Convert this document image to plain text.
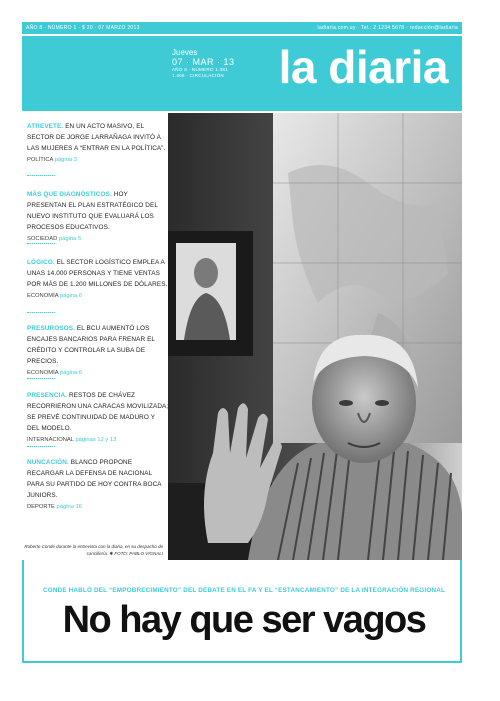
AÑO 8 · NÚMERO 1 · $ 20 · 07 MARZO 2013	ladiaria.com.uy · Tel.: 2 1234 5678 · redacción@ladiaria
Jueves
07 · MAR · 13
AÑO 8 · NÚMERO 1.381
1.406 · CIRCULACIÓN la diaria
ATREVETE. EN UN ACTO MASIVO, EL SECTOR DE JORGE LARRAÑAGA INVITÓ A LAS MUJERES A “ENTRAR EN LA POLÍTICA”.
POLÍTICA página 3
MÁS QUE DIAGNÓSTICOS. HOY PRESENTAN EL PLAN ESTRATÉGICO DEL NUEVO INSTITUTO QUE EVALUARÁ LOS PROCESOS EDUCATIVOS.
SOCIEDAD página 5
LÓGICO. EL SECTOR LOGÍSTICO EMPLEA A UNAS 14.000 PERSONAS Y TIENE VENTAS POR MÁS DE 1.200 MILLONES DE DÓLARES.
ECONOMÍA página 6
PRESUROSOS. EL BCU AUMENTÓ LOS ENCAJES BANCARIOS PARA FRENAR EL CRÉDITO Y CONTROLAR LA SUBA DE PRECIOS.
ECONOMÍA página 6
PRESENCIA. RESTOS DE CHÁVEZ RECORRIERON UNA CARACAS MOVILIZADA; SE PREVÉ CONTINUIDAD DE MADURO Y DEL MODELO.
INTERNACIONAL páginas 12 y 13
NUNCACIÓN. BLANCO PROPONE RECARGAR LA DEFENSA DE NACIONAL PARA SU PARTIDO DE HOY CONTRA BOCA JUNIORS.
DEPORTE página 16
Roberto Conde durante la entrevista con la diaria, en su despacho de cancillería. ✱ FOTO: PABLO VIGNALI
CONDE HABLÓ DEL “EMPOBRECIMIENTO” DEL DEBATE EN EL FA Y EL “ESTANCAMIENTO” DE LA INTEGRACIÓN REGIONAL
No hay que ser vagos
